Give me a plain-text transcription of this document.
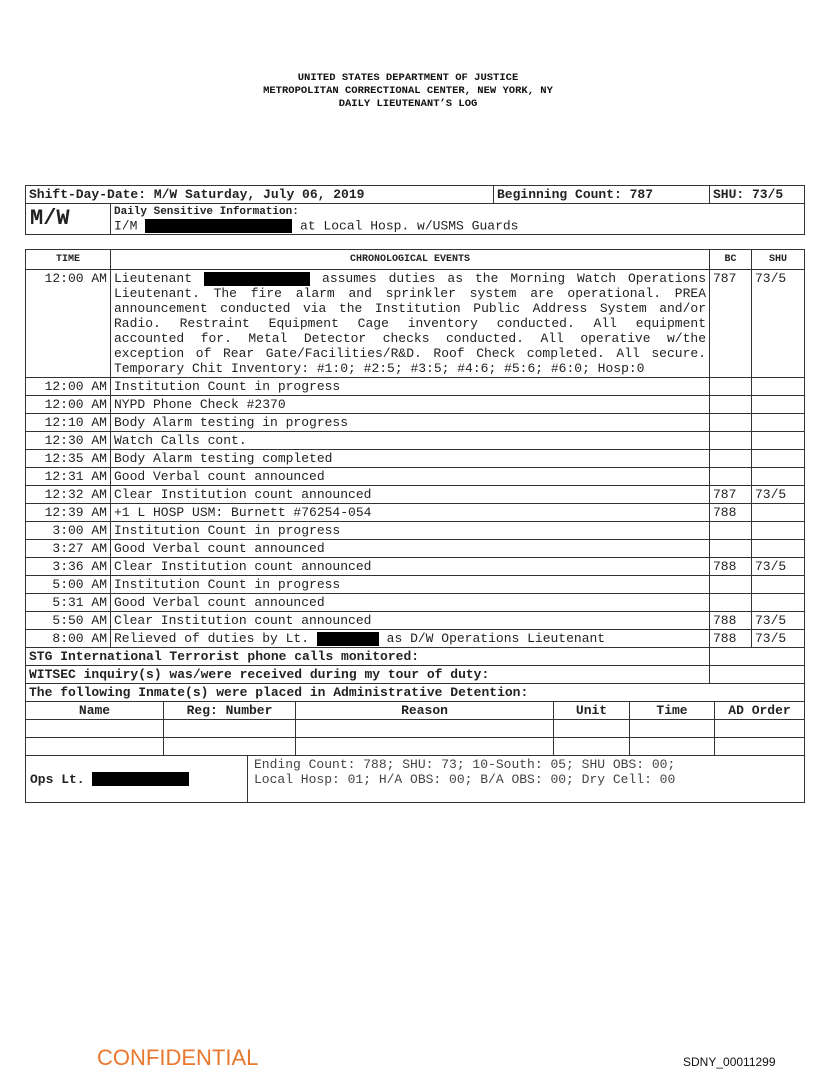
UNITED STATES DEPARTMENT OF JUSTICE
METROPOLITAN CORRECTIONAL CENTER, NEW YORK, NY
DAILY LIEUTENANT’S LOG
Shift-Day-Date: M/W Saturday, July 06, 2019		Beginning Count: 787	SHU: 73/5
M/W	Daily Sensitive Information:
I/M at Local Hosp. w/USMS Guards		
TIME	CHRONOLOGICAL EVENTS	BC	SHU
12:00 AM	Lieutenant assumes duties as the Morning Watch Operations Lieutenant. The fire alarm and sprinkler system are operational. PREA announcement conducted via the Institution Public Address System and/or Radio. Restraint Equipment Cage inventory conducted. All equipment accounted for. Metal Detector checks conducted. All operative w/the exception of Rear Gate/Facilities/R&D. Roof Check completed. All secure. Temporary Chit Inventory: #1:0; #2:5; #3:5; #4:6; #5:6; #6:0; Hosp:0	787	73/5
12:00 AM	Institution Count in progress		
12:00 AM	NYPD Phone Check #2370		
12:10 AM	Body Alarm testing in progress		
12:30 AM	Watch Calls cont.		
12:35 AM	Body Alarm testing completed		
12:31 AM	Good Verbal count announced		
12:32 AM	Clear Institution count announced	787	73/5
12:39 AM	+1 L HOSP USM: Burnett #76254-054	788	
3:00 AM	Institution Count in progress		
3:27 AM	Good Verbal count announced		
3:36 AM	Clear Institution count announced	788	73/5
5:00 AM	Institution Count in progress		
5:31 AM	Good Verbal count announced		
5:50 AM	Clear Institution count announced	788	73/5
8:00 AM	Relieved of duties by Lt. as D/W Operations Lieutenant	788	73/5
STG International Terrorist phone calls monitored:			
WITSEC inquiry(s) was/were received during my tour of duty:			
The following Inmate(s) were placed in Administrative Detention:			
Name	Reg: Number		Reason	Unit	Time	AD Order

Ops Lt.		Ending Count: 788; SHU: 73; 10-South: 05; SHU OBS: 00;
Local Hosp: 01; H/A OBS: 00; B/A OBS: 00; Dry Cell: 00				
CONFIDENTIAL	SDNY_00011299
